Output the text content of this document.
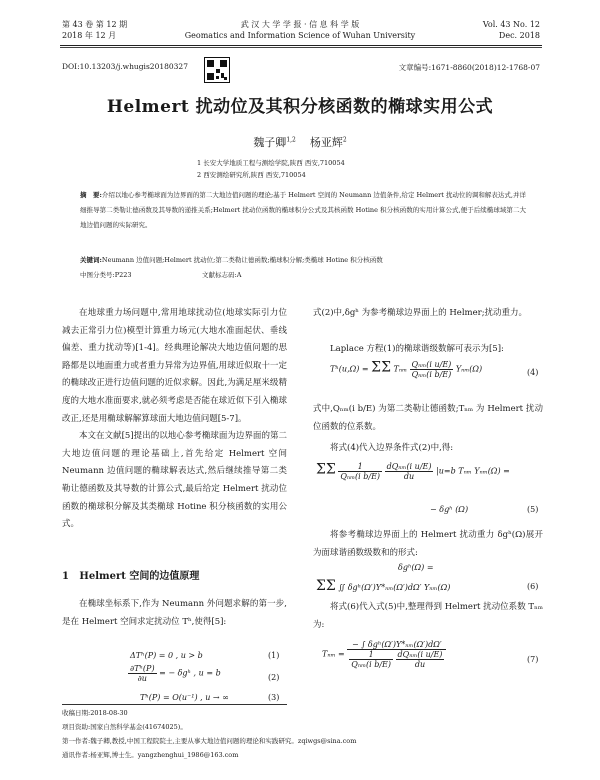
第 43 卷 第 12 期
2018 年 12 月
武 汉 大 学 学 报 · 信 息 科 学 版
Geomatics and Information Science of Wuhan University
Vol. 43 No. 12
Dec. 2018
DOI:10.13203/j.whugis20180327	文章编号:1671-8860(2018)12-1768-07
Helmert 扰动位及其积分核函数的椭球实用公式
魏子卿$^{1,2}$ 杨亚辉$^2$
1 长安大学地质工程与测绘学院,陕西 西安,710054
2 西安测绘研究所,陕西 西安,710054
摘　要:介绍以地心参考椭球面为边界面的第二大地边值问题的理论;基于 Helmert 空间的 Neumann 边值条件,给定 Helmert 扰动位的调和解表达式,并详细推导第二类勒让德函数及其导数的递推关系;Helmert 扰动位函数的椭球积分公式及其核函数 Hotine 积分核函数的实用计算公式,便于后续椭球域第二大地边值问题的实际研究。
关键词:Neumann 边值问题;Helmert 扰动位;第二类勒让德函数;椭球积分解;类椭球 Hotine 积分核函数
中图分类号:P223	文献标志码:A

在地球重力场问题中,常用地球扰动位(地球实际引力位减去正常引力位)模型计算重力场元(大地水准面起伏、垂线偏差、重力扰动等)[1-4]。经典理论解决大地边值问题的思路都是以地面重力或者重力异常为边界值,用球近似取十一定的椭球改正进行边值问题的近似求解。因此,为满足厘米级精度的大地水准面要求,就必须考虑是否能在球近似下引入椭球改正,还是用椭球解解算球面大地边值问题[5-7]。

本文在文献[5]提出的以地心参考椭球面为边界面的第二大地边值问题的理论基础上,首先给定 Helmert 空间 Neumann 边值问题的椭球解表达式,然后继续推导第二类勒让德函数及其导数的计算公式,最后给定 Helmert 扰动位函数的椭球积分解及其类椭球 Hotine 积分核函数的实用公式。

1 Helmert 空间的边值原理

在椭球坐标系下,作为 Neumann 外问题求解的第一步,是在 Helmert 空间求定扰动位 Tʰ,使得[5]:

ΔTʰ(P) = 0 , u > b	(1)
$\frac{\text{∂Tʰ(P)}}{\partial u}$ = − δgʰ , u = b	(2)
Tʰ(P) = O(u⁻¹) , u → ∞	(3)
收稿日期:2018-08-30
项目资助:国家自然科学基金(41674025)。
第一作者:魏子卿,教授,中国工程院院士,主要从事大地边值问题的理论和实践研究。zqiwgs@sina.com
通讯作者:杨亚辉,博士生。yangzhenghui_1986@163.com

式(2)中,δgʰ 为参考椭球边界面上的 Helmer;扰动重力。

Laplace 方程(1)的椭球谐级数解可表示为[5]:

Tʰ(u,Ω) = ΣΣ Tₙₘ $\frac{\text{Qₙₘ(i u/E)}}{\text{Qₙₘ(i b/E)}} Y_{nm}(\Omega)$	(4)

式中,Qₙₘ(i b/E) 为第二类勒让德函数;Tₙₘ 为 Helmert 扰动位函数的位系数。

将式(4)代入边界条件式(2)中,得:

ΣΣ $\frac{1}{\text{Qₙₘ(i b/E)}}$
$\frac{\text{dQₙₘ(i u/E)}}{du} |u=b$ Tₙₘ Yₙₘ(Ω) =
− δgʰ (Ω)	(5)

将参考椭球边界面上的 Helmert 扰动重力 δgʰ(Ω)展开为面球谐函数级数和的形式:

δgʰ(Ω) =
ΣΣ ∬ δgʰ(Ω′)Y*ₙₘ(Ω′)dΩ′ Yₙₘ(Ω)	(6)

将式(6)代入式(5)中,整理得到 Helmert 扰动位系数 Tₙₘ 为:

Tₙₘ = − ∫ δgʰ(Ω′)Y*ₙₘ(Ω′)dΩ′
$\frac{1}{\text{Qₙₘ(i b/E)}}$
$\frac{\text{dQₙₘ(i u/E)}}{du}$	(7)
